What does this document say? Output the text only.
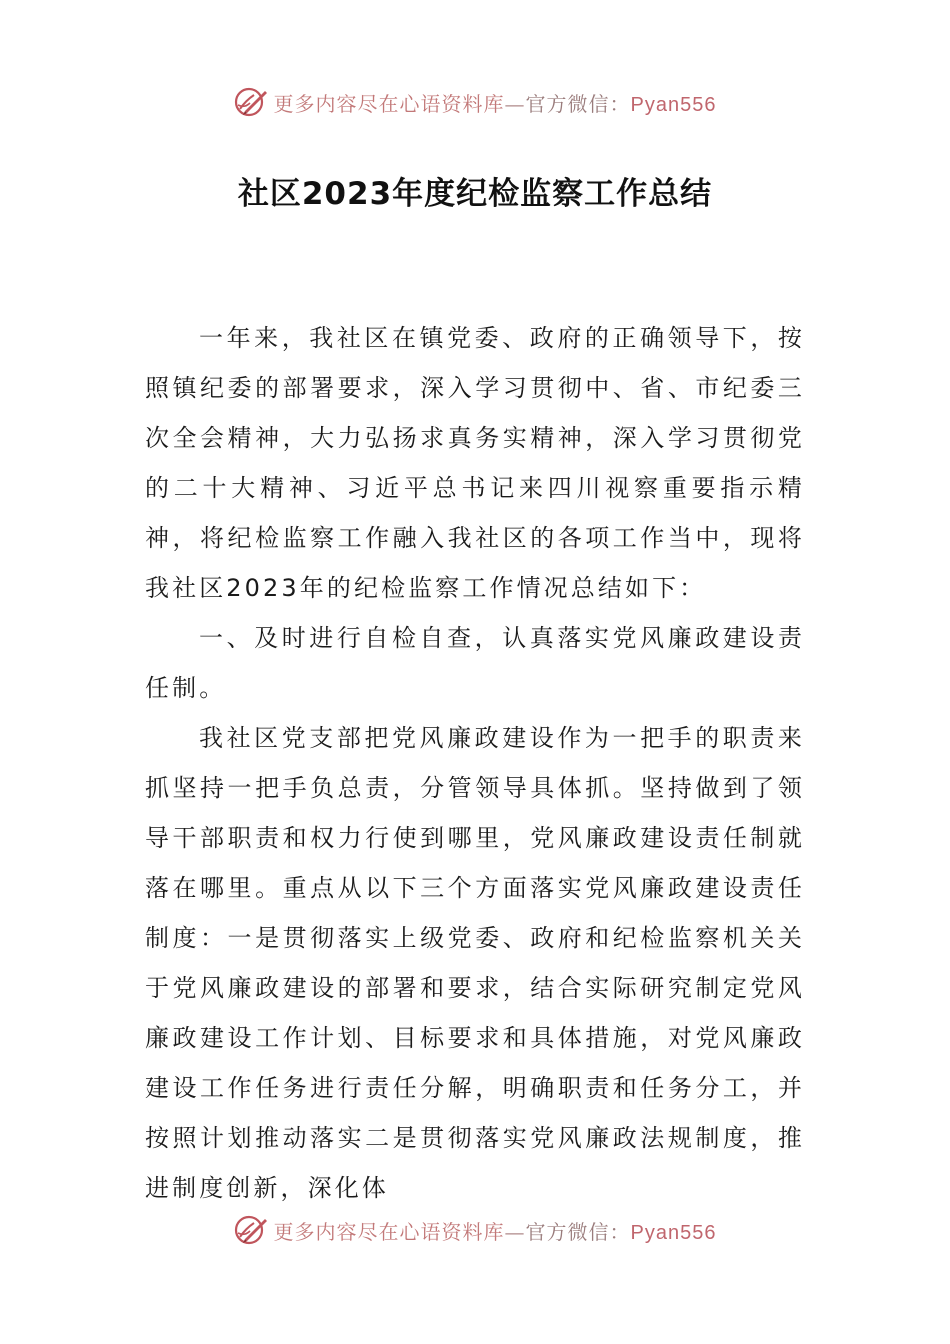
更多内容尽在心语资料库—官方微信：Pyan556
社区2023年度纪检监察工作总结

一年来，我社区在镇党委、政府的正确领导下，按照镇纪委的部署要求，深入学习贯彻中、省、市纪委三次全会精神，大力弘扬求真务实精神，深入学习贯彻党的二十大精神、习近平总书记来四川视察重要指示精神，将纪检监察工作融入我社区的各项工作当中，现将我社区2023年的纪检监察工作情况总结如下：

一、及时进行自检自查，认真落实党风廉政建设责任制。

我社区党支部把党风廉政建设作为一把手的职责来抓坚持一把手负总责，分管领导具体抓。坚持做到了领导干部职责和权力行使到哪里，党风廉政建设责任制就落在哪里。重点从以下三个方面落实党风廉政建设责任制度：一是贯彻落实上级党委、政府和纪检监察机关关于党风廉政建设的部署和要求，结合实际研究制定党风廉政建设工作计划、目标要求和具体措施，对党风廉政建设工作任务进行责任分解，明确职责和任务分工，并按照计划推动落实二是贯彻落实党风廉政法规制度，推进制度创新，深化体

更多内容尽在心语资料库—官方微信：Pyan556
